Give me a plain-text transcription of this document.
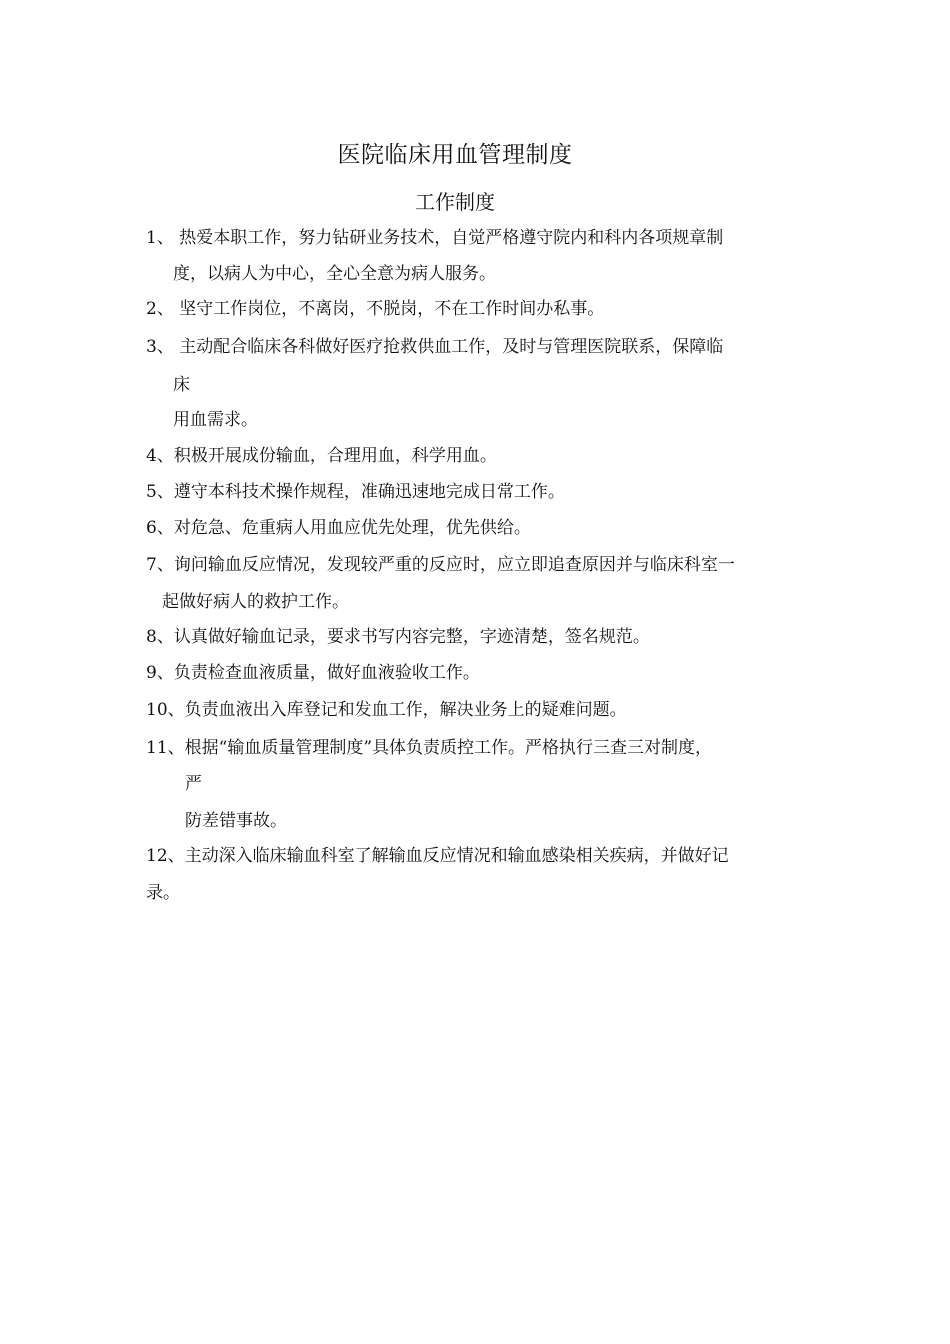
医院临床用血管理制度
工作制度
1、 热爱本职工作，努力钻研业务技术，自觉严格遵守院内和科内各项规章制
度，以病人为中心，全心全意为病人服务。
2、 坚守工作岗位，不离岗，不脱岗，不在工作时间办私事。
3、 主动配合临床各科做好医疗抢救供血工作，及时与管理医院联系，保障临
床
用血需求。
4、积极开展成份输血，合理用血，科学用血。
5、遵守本科技术操作规程，准确迅速地完成日常工作。
6、对危急、危重病人用血应优先处理，优先供给。
7、询问输血反应情况，发现较严重的反应时，应立即追查原因并与临床科室一
起做好病人的救护工作。
8、认真做好输血记录，要求书写内容完整，字迹清楚，签名规范。
9、负责检查血液质量，做好血液验收工作。
10、负责血液出入库登记和发血工作，解决业务上的疑难问题。
11、根据“输血质量管理制度”具体负责质控工作。严格执行三查三对制度，
严
防差错事故。
12、主动深入临床输血科室了解输血反应情况和输血感染相关疾病，并做好记
录。
